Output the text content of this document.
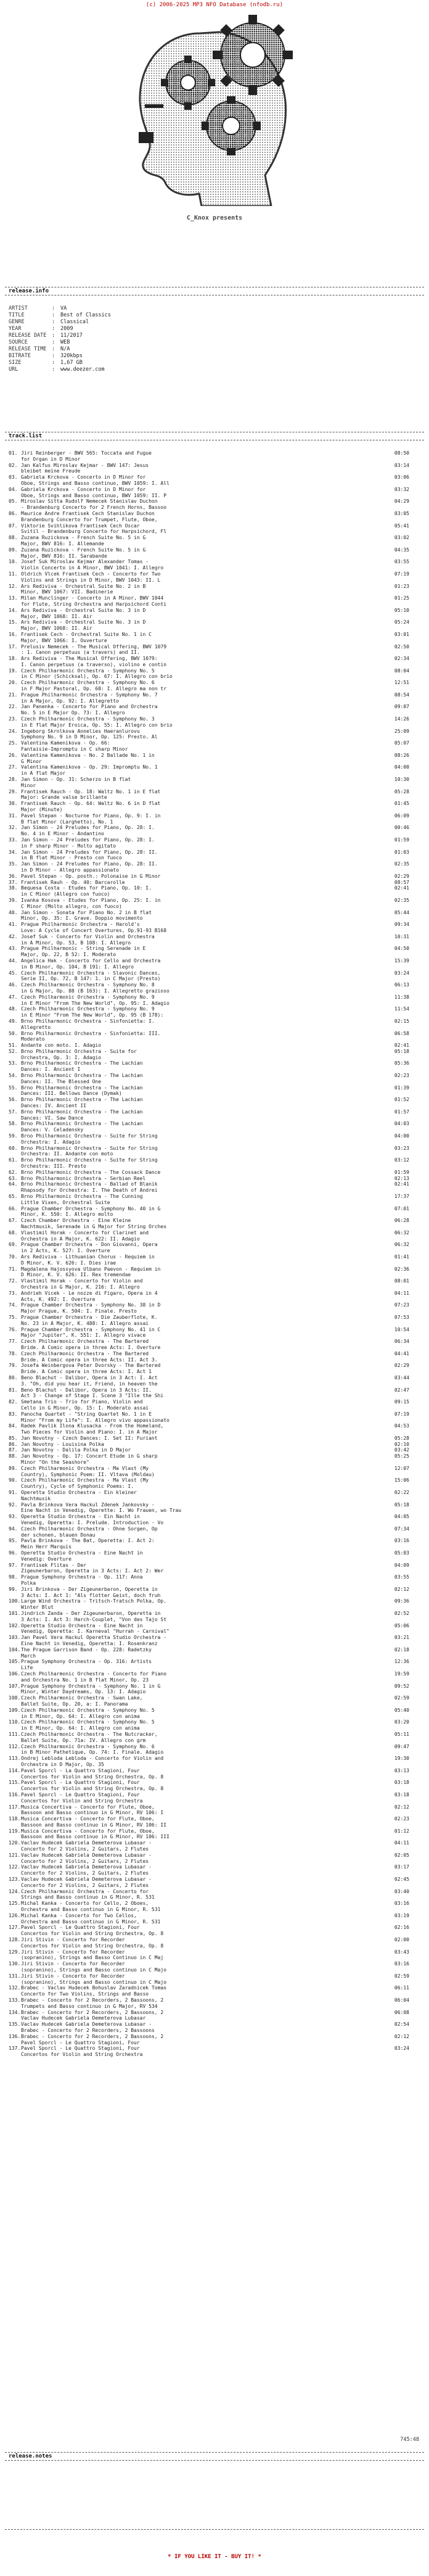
(c) 2006-2025 MP3 NFO Database (nfodb.ru)
C_Knox presents
release.info
ARTIST	:	VA
TITLE	:	Best of Classics
GENRE	:	Classical
YEAR	:	2009
RELEASE DATE	:	11/2017
SOURCE	:	WEB
RELEASE TIME	:	N/A
BITRATE	:	320kbps
SIZE	:	1,67 GB
URL	:	www.deezer.com
track.list
01. Jiri Reinberger - BWV 565: Toccata and Fugue
for Organ in D Minor
08:50
02. Jan Kalfus Miroslav Kejmar - BWV 147: Jesus
bleibet meine Freude
03:14
03. Gabriela Krckova - Concerto in D Minor for
Oboe, Strings and Basso continuo, BWV 1059: I. All
03:06
04. Gabriela Krckova - Concerto in D Minor for
Oboe, Strings and Basso continuo, BWV 1059: II. P
03:32
05. Miroslav Sitta Rudolf Nemecek Stanislav Duchon
- Brandenburg Concerto for 2 French Horns, Bassoo
04:29
06. Maurice Andre Frantisek Cech Stanislav Duchon
Brandenburg Concerto for Trumpet, Flute, Oboe,
03:05
07. Viktorie Svihlikova Frantisek Cech Oscar
Svitil - Brandenburg Concerto for Harpsichord, Fl
05:41
08. Zuzana Ruzickova - French Suite No. 5 in G
Major, BWV 816: I. Allemande
03:02
09. Zuzana Ruzickova - French Suite No. 5 in G
Major, BWV 816: II. Sarabande
04:35
10. Josef Suk Miroslav Kejmar Alexander Tomas -
Violin Concerto in A Minor, BWV 1041: I. Allegro
03:55
11. Oldrich Vlcek Frantisek Cech - Concerto for Two
Violins and Strings in D Minor, BWV 1043: II. L
07:19
12. Ars Rediviva - Orchestral Suite No. 2 in B
Minor, BWV 1067: VII. Badinerie
01:23
13. Milan Munclinger - Concerto in A Minor, BWV 1044
for Flute, String Orchestra and Harpsichord Conti
01:25
14. Ars Rediviva - Orchestral Suite No. 3 in D
Major, BWV 1068: II. Air
05:10
15. Ars Rediviva - Orchestral Suite No. 3 in D
Major, BWV 1068: II. Air
05:24
16. Frantisek Cech - Orchestral Suite No. 1 in C
Major, BWV 1066: I. Ouverture
03:01
17. Prelusiv Nemecek - The Musical Offering, BWV 1079
: 1. Canon perpetuus (a travers) and II.
02:50
18. Ars Rediviva - The Musical Offering, BWV 1079:
I. Canon perpetuus (a traverso), violino e contin
02:34
19. Czech Philharmonic Orchestra - Symphony No. 5
in C Minor (Schicksal), Op. 67: I. Allegro con brio
08:04
20. Czech Philharmonic Orchestra - Symphony No. 6
in F Major Pastoral, Op. 68: I. Allegro ma non tr
12:51
21. Prague Philharmonic Orchestra - Symphony No. 7
in A Major, Op. 92: I. Allegretto
08:54
22. Jan Panenka - Concerto for Piano and Orchestra
No. 5 in E Major Op. 73: I. Allegro
09:07
23. Czech Philharmonic Orchestra - Symphony No. 3
in E flat Major Eroica, Op. 55: I. Allegro con brio
14:26
24. Ingeborg Skrnlkova Annelies Haeranlurovu
Symphony No. 9 in D Minor, Op. 125: Presto. Al
25:09
25. Valentina Kamenikova - Op. 66:
Fantaisie-Impromptu in C sharp Minor
05:07
26. Valentina Kamenikova - No. 2 Ballade No. 1 in
G Minor
08:26
27. Valentina Kamenikova - Op. 29: Impromptu No. 1
in A flat Major
04:00
28. Jan Simon - Op. 31: Scherzo in B flat
Minor
10:30
29. Frantisek Rauch - Op. 18: Waltz No. 1 in E flat
Major: Grande valse brillante
05:28
30. Frantisek Rauch - Op. 64: Waltz No. 6 in D flat
Major (Minute)
01:45
31. Pavel Stepan - Nocturne for Piano, Op. 9: I. in
B flat Minor (Larghetto), No. 1
06:09
32. Jan Simon - 24 Preludes for Piano, Op. 28: I.
No. 4 in E Minor - Andantino
00:46
33. Jan Simon - 24 Preludes for Piano, Op. 28: I.
in F sharp Minor - Molto agitato
01:59
34. Jan Simon - 24 Preludes for Piano, Op. 28: II.
in B flat Minor - Presto con fuoco
01:03
35. Jan Simon - 24 Preludes for Piano, Op. 28: II.
in D Minor - Allegro appassionato
02:35
36. Pavel Stepan - Op. posth.: Polonaise in G Minor	02:29
37. Frantisek Rauh - Op. 40: Barcarolle	08:57
38. Bequesa Costa - Etudes for Piano, Op. 10: I.
in C Minor (Allegro con fuoco)
02:41
39. Ivanka Kosova - Etudes for Piano, Op. 25: I. in
C Minor (Molto allegro, con fuoco)
02:35
40. Jan Simon - Sonata for Piano No. 2 in B flat
Minor, Op. 35: I. Grave. Doppio movimento
05:44
41. Prague Philharmonic Orchestra - Harold's
Love: A Cycle of Concert Overtures, Op.91-93 B168
09:34
42. Josef Suk - Concerto for Violin and Orchestra
in A Minor, Op. 53, B 108: I. Allegro
10:31
43. Prague Philharmonic - String Serenade in E
Major, Op. 22, B 52: I. Moderato
04:50
44. Angelica Hak - Concerto for Cello and Orchestra
in B Minor, Op. 104, B 191: I. Allegro
15:39
45. Czech Philharmonic Orchestra - Slavonic Dances,
Serie II, Op. 72, B 147: 1. in C Major (Presto)
03:24
46. Czech Philharmonic Orchestra - Symphony No. 8
in G Major, Op. 88 (B 163): I. Allegretto grazioso
06:13
47. Czech Philharmonic Orchestra - Symphony No. 9
in E Minor "From The New World", Op. 95: I. Adagio
11:38
48. Czech Philharmonic Orchestra - Symphony No. 9
in E Minor "From The New World", Op. 95 (B 178):
11:54
49. Brno Philharmonic Orchestra - Sinfonietta: I.
Allegretto
02:15
50. Brno Philharmonic Orchestra - Sinfonietta: III.
Moderato
06:58
51. Andante con moto. I. Adagio	02:41
52. Brno Philharmonic Orchestra - Suite for
Orchestra, Op. 3: I. Adagio
05:18
53. Brno Philharmonic Orchestra - The Lachian
Dances: I. Ancient I
05:36
54. Brno Philharmonic Orchestra - The Lachian
Dances: II. The Blessed One
02:23
55. Brno Philharmonic Orchestra - The Lachian
Dances: III. Bellows Dance (Dymak)
01:39
56. Brno Philharmonic Orchestra - The Lachian
Dances: IV. Ancient II
01:52
57. Brno Philharmonic Orchestra - The Lachian
Dances: VI. Saw Dance
01:57
58. Brno Philharmonic Orchestra - The Lachian
Dances: V. Celadensky
04:03
59. Brno Philharmonic Orchestra - Suite for String
Orchestra: I. Adagio
04:00
60. Brno Philharmonic Orchestra - Suite for String
Orchestra: II. Andante con moto
03:23
61. Brno Philharmonic Orchestra - Suite for String
Orchestra: III. Presto
03:12
62. Brno Philharmonic Orchestra - The Cossack Dance	01:59
63. Brno Philharmonic Orchestra - Serbian Reel	02:13
64. Brno Philharmonic Orchestra - Ballad of Blanik
Rhapsody for Orchestra: I. The Death of Andrei
02:41
65. Brno Philharmonic Orchestra - The Cunning
Little Vixen, Orchestral Suite
17:37
66. Prague Chamber Orchestra - Symphony No. 40 in G
Minor, K. 550: I. Allegro molto
07:01
67. Czech Chamber Orchestra - Eine Kleine
Nachtmusik, Serenade in G Major for String Orches
06:28
68. Vlastimil Horak - Concerto for Clarinet and
Orchestra in A Major, K. 622: II. Adagio
06:32
69. Prague Chamber Orchestra - Don Giovanni, Opera
in 2 Acts, K. 527: I. Overture
06:32
70. Ars Rediviva - Lithuanian Chorus - Requiem in
D Minor, K. V. 626: I. Dies irae
01:41
71. Magdalena Hajossyova Ulbano Paevon - Requiem in
D Minor, K. V. 626: II. Rex tremendae
02:36
72. Vlastimil Horak - Concerto for Violin and
Orchestra in G Major, K. 216: I. Allegro
08:01
73. Andrieh Vicek - Le nozze di Figaro, Opera in 4
Acts, K. 492: I. Overture
04:11
74. Prague Chamber Orchestra - Symphony No. 38 in D
Major Prague, K. 504: I. Finale. Presto
07:23
75. Prague Chamber Orchestra - Die Zauberflote, K.
No. 23 in A Major, K. 488: I. Allegro assai
07:53
76. Prague Chamber Orchestra - Symphony No. 41 in C
Major "Jupiter", K. 551: I. Allegro vivace
10:54
77. Czech Philharmonic Orchestra - The Bartered
Bride. A Comic opera in three Acts: I. Overture
06:34
78. Czech Philharmonic Orchestra - The Bartered
Bride. A Comic opera in three Acts: II. Act 3.
04:41
79. Josefa Weinbergova Peter Dvorsky - The Bartered
Bride. A Comic opera in three Acts: I. Act 1
02:29
80. Beno Blachut - Dalibor, Opera in 3 Act: I. Act
3. "Oh, did you hear it, Friend, in heaven the
03:44
81. Beno Blachut - Dalibor, Opera in 3 Acts: II.
Act 3 - Change of Stage I. Scene 3 "Ille the Shi
02:47
82. Smetana Trio - Trio for Piano, Violin and
Cello in G Minor, Op. 15: I. Moderato assai
09:15
83. Panocha Quartet - "String Quartet No. 1 in E
Minor "From my Life": I. Allegro vivo appassionato
07:19
84. Radek Pavlik Ilona Klusacka - From the Homeland,
Two Pieces for Violin and Piano: I. in A Major
04:53
85. Jan Novotny - Czech Dances: I. Set II: Furiant	05:28
86. Jan Novotny - Louisina Polka	02:10
87. Jan Novotny - Dalila Polka in D Major	03:42
88. Jan Novotny - Op. 17: Concert Etude in G sharp
Minor "On the Seashore"
05:25
89. Czech Philharmonic Orchestra - Ma Vlast (My
Country), Symphonic Poem: II. Vltava (Moldau)
12:07
90. Czech Philharmonic Orchestra - Ma Vlast (My
Country), Cycle of Symphonic Poems: I.
15:06
91. Operetta Studio Orchestra - Ein kleiner
Nachtmusik
02:22
92. Pavla Brinkova Vera Hackul Zdenek Jankovsky -
Eine Nacht in Venedig, Operette: I. Wo Frauen, wo Trau
05:18
93. Operetta Studio Orchestra - Ein Nacht in
Venedig, Operetta: I. Prelude. Introduction - Vo
04:05
94. Czech Philharmonic Orchestra - Ohne Sorgen, Op
der schonen, blauen Donau
07:34
95. Pavla Brinkova - The Bat, Operetta: I. Act 2:
Mein Herr Marquis
03:16
96. Operetta Studio Orchestra - Eine Nacht in
Venedig: Overture
05:03
97. Frantisek Flitas - Der
Zigeunerbaron, Operetta in 3 Acts: I. Act 2: Wer
04:09
98. Prague Symphony Orchestra - Op. 117: Anna
Polka
03:55
99. Jiri Brinkova - Der Zigeunerbaron, Operetta in
3 Acts: I. Act 1: "Als flotter Geist, doch fruh
02:12
100. Large Wind Orchestra - Tritsch-Tratsch Polka, Op.
Winter Blut
09:36
101. Jindrich Zanda - Der Zigeunerbaron, Operetta in
3 Acts: I. Act 3: Harch-Couplet, "Von des Tajo St
02:52
102. Operetta Studio Orchestra - Eine Nacht in
Venedig, Operetta: I. Karneval "Hurrah - Carnival"
05:06
103. Jan Pavel Vera Hackul Operetta Studio Orchestra -
Eine Nacht in Venedig, Operetta: I. Rosenkranz
03:21
104. The Prague Garrison Band - Op. 228: Radetzky
March
02:18
105. Prague Symphony Orchestra - Op. 316: Artists
Life
12:36
106. Czech Philharmonic Orchestra - Concerto for Piano
and Orchestra No. 1 in B flat Minor, Op. 23
19:59
107. Prague Symphony Orchestra - Symphony No. 1 in G
Minor, Winter Daydreams, Op. 13: I. Adagio
09:52
108. Czech Philharmonic Orchestra - Swan Lake,
Ballet Suite, Op. 20, a: I. Panorama
02:59
109. Czech Philharmonic Orchestra - Symphony No. 5
in E Minor, Op. 64: I. Allegro con anima
05:40
110. Czech Philharmonic Orchestra - Symphony No. 5
in E Minor, Op. 64: I. Allegro con anima
03:20
111. Czech Philharmonic Orchestra - The Nutcracker,
Ballet Suite, Op. 71a: IV. Allegro con grm
05:11
112. Czech Philharmonic Orchestra - Symphony No. 6
in B Minor Pathetique, Op. 74: I. Finale. Adagio
09:47
113. Ondrej Lebloda Lebloda - Concerto for Violin and
Orchestra in D Major, Op. 35
19:30
114. Pavel Sporcl - La Quattro Stagioni, Four
Concertos for Violin and String Orchestra, Op. 8
03:13
115. Pavel Sporcl - La Quattro Stagioni, Four
Concertos for Violin and String Orchestra, Op. 8
03:18
116. Pavel Sporcl - Le Quattro Stagioni, Four
Concertos for Violin and String Orchestra
03:18
117. Musica Concertiva - Concerto for Flute, Oboe,
Bassoon and Basso continuo in G Minor, RV 106: I
02:12
118. Musica Concertiva - Concerto for Flute, Oboe,
Bassoon and Basso continuo in G Minor, RV 106: II
02:23
119. Musica Concertiva - Concerto for Flute, Oboe,
Bassoon and Basso continuo in G Minor, RV 106: III
01:12
120. Vaclav Hudecek Gabriela Demeterova Lubasar -
Concerto for 2 Violins, 2 Guitars, 2 Flutes
04:11
121. Vaclav Hudecek Gabriela Demeterova Lubasar -
Concerto for 2 Violins, 2 Guitars, 2 Flutes
02:05
122. Vaclav Hudecek Gabriela Demeterova Lubasar -
Concerto for 2 Violins, 2 Guitars, 2 Flutes
03:17
123. Vaclav Hudecek Gabriela Demeterova Lubasar -
Concerto for 2 Violins, 2 Guitars, 2 Flutes
02:45
124. Czech Philharmonic Orchestra - Concerto for
Strings and Basso continuo in G Minor, R. 531
03:40
125. Michal Kanka - Concerto for Cello, 2 Oboes,
Orchestra and Basso continuo in G Minor, R. 531
03:16
126. Michal Kanka - Concerto for Two Cellos,
Orchestra and Basso continuo in G Minor, R. 531
03:19
127. Pavel Sporcl - Le Quattro Stagioni, Four
Concertos for Violin and String Orchestra, Op. 8
02:16
128. Jiri Stivin - Concerto for Recorder
Concertos for Violin and String Orchestra, Op. 8
02:00
129. Jiri Stivin - Concerto for Recorder
(sopranino), Strings and Basso Continuo in C Maj
03:43
130. Jiri Stivin - Concerto for Recorder
(sopranino), Strings and Basso continuo in C Majo
03:16
131. Jiri Stivin - Concerto for Recorder
(sopranino), Strings and Basso continuo in C Majo
02:59
132. Brabec - Vaclav Hudecek Bohuslav Zaradnicek Tomas
Concerto for Two Violins, Strings and Basso
06:11
133. Brabec - Concerto for 2 Recorders, 2 Bassoons, 2
Trumpets and Basso continuo in G Major, RV 534
06:04
134. Brabec - Concerto for 2 Recorders, 2 Bassoons, 2
Vaclav Hudecek Gabriela Demeterova Lubasar
06:08
135. Vaclav Hudecek Gabriela Demeterova Lubasar -
Brabec - Concerto for 2 Recorders, 2 Bassoons
02:54
136. Brabec - Concerto for 2 Recorders, 2 Bassoons, 2
Pavel Sporcl - Le Quattro Stagioni, Four
02:12
137. Pavel Sporcl - Le Quattro Stagioni, Four
Concertos for Violin and String Orchestra
03:24
745:48
release.notes
* IF YOU LIKE IT - BUY IT! *
